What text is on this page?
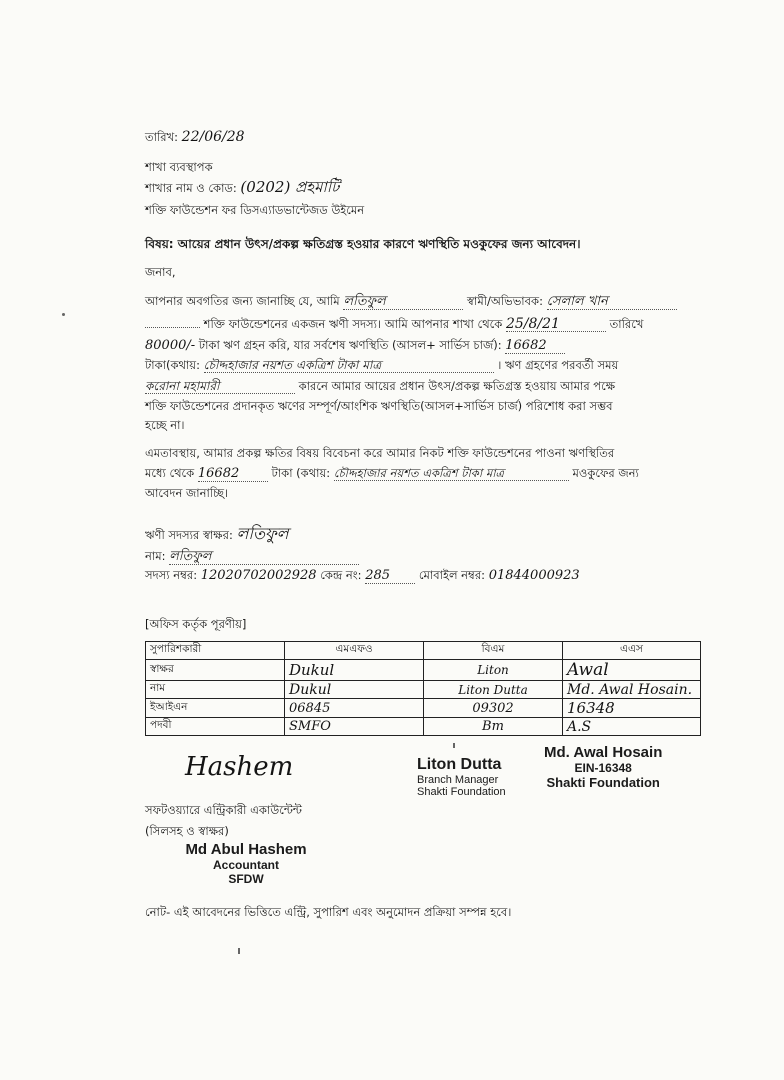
তারিখ: 22/06/28
শাখা ব্যবস্থাপক
শাখার নাম ও কোড: (0202) প্রহমাটি
শক্তি ফাউন্ডেশন ফর ডিসএ্যাডভান্টেজড উইমেন
বিষয়: আয়ের প্রধান উৎস/প্রকল্প ক্ষতিগ্রস্ত হওয়ার কারণে ঋণস্থিতি মওকুফের জন্য আবেদন।
জনাব,
আপনার অবগতির জন্য জানাচ্ছি যে, আমি লতিফুল	স্বামী/অভিভাবক: সেলাল খান
শক্তি ফাউন্ডেশনের একজন ঋণী সদস্য। আমি আপনার শাখা থেকে 25/8/21	তারিখে
80000/- টাকা ঋণ গ্রহন করি, যার সর্বশেষ ঋণস্থিতি (আসল+ সার্ভিস চার্জ): 16682
টাকা(কথায়: চৌদ্দহাজার নয়শত একত্রিশ টাকা মাত্র	। ঋণ গ্রহণের পরবর্তী সময়
করোনা মহামারী	কারনে আমার আয়ের প্রধান উৎস/প্রকল্প ক্ষতিগ্রস্ত হওয়ায় আমার পক্ষে
শক্তি ফাউন্ডেশনের প্রদানকৃত ঋণের সম্পূর্ণ/আংশিক ঋণস্থিতি(আসল+সার্ভিস চার্জ) পরিশোধ করা সম্ভব
হচ্ছে না।
এমতাবস্থায়, আমার প্রকল্প ক্ষতির বিষয় বিবেচনা করে আমার নিকট শক্তি ফাউন্ডেশনের পাওনা ঋণস্থিতির
মধ্যে থেকে 16682	টাকা (কথায়: চৌদ্দহাজার নয়শত একত্রিশ টাকা মাত্র	মওকুফের জন্য
আবেদন জানাচ্ছি।
ঋণী সদস্যর স্বাক্ষর: লতিফুল
নাম: লতিফুল
সদস্য নম্বর: 12020702002928 কেন্দ্র নং: 285	মোবাইল নম্বর: 01844000923
[অফিস কর্তৃক পূরণীয়]
সুপারিশকারী	এমএফও	বিএম	এএস
স্বাক্ষর	Dukul	Liton	Awal
নাম	Dukul	Liton Dutta	Md. Awal Hosain.
ইআইএন	06845	09302	16348
পদবী	SMFO	Bm	A.S
Hashem	Liton Dutta
Branch Manager
Shakti Foundation
Md. Awal Hosain
EIN-16348
Shakti Foundation
সফটওয়্যারে এন্ট্রিকারী একাউন্টেন্ট
(সিলসহ ও স্বাক্ষর)
Md Abul Hashem
Accountant
SFDW
নোট- এই আবেদনের ভিত্তিতে এন্ট্রি, সুপারিশ এবং অনুমোদন প্রক্রিয়া সম্পন্ন হবে।
